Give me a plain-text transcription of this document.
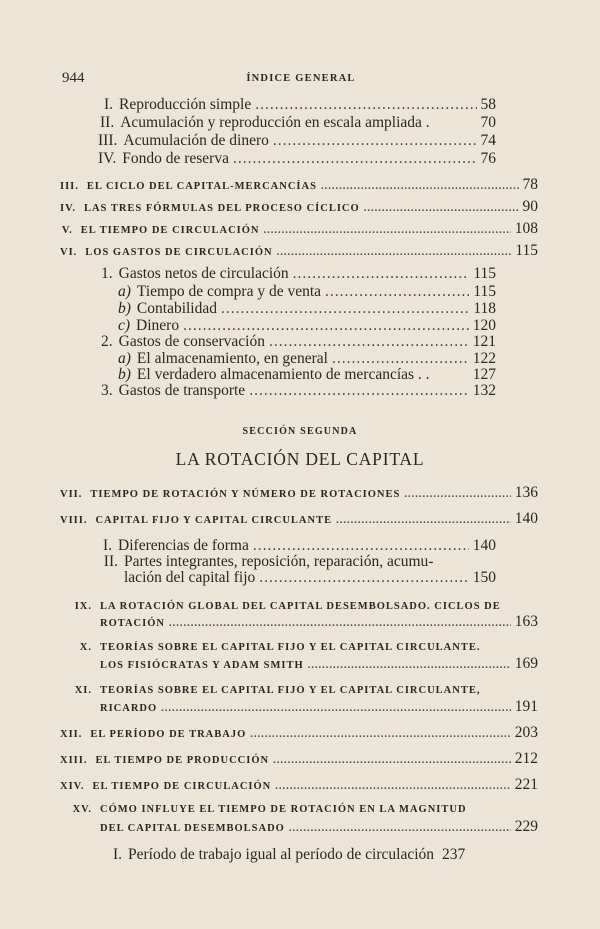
944	ÍNDICE GENERAL
I. Reproducción simple .....	58
II. Acumulación y reproducción en escala ampliada .	70
III. Acumulación de dinero .....	74
IV. Fondo de reserva .....	76
III. EL CICLO DEL CAPITAL-MERCANCÍAS .....	78
IV. LAS TRES FÓRMULAS DEL PROCESO CÍCLICO .....	90
V. EL TIEMPO DE CIRCULACIÓN .....	108
VI. LOS GASTOS DE CIRCULACIÓN .....	115
1. Gastos netos de circulación .....	115
a) Tiempo de compra y de venta .....	115
b) Contabilidad .....	118
c) Dinero .....	120
2. Gastos de conservación .....	121
a) El almacenamiento, en general .....	122
b) El verdadero almacenamiento de mercancías . .	127
3. Gastos de transporte .....	132
SECCIÓN SEGUNDA
LA ROTACIÓN DEL CAPITAL
VII. TIEMPO DE ROTACIÓN Y NÚMERO DE ROTACIONES .....	136
VIII. CAPITAL FIJO Y CAPITAL CIRCULANTE .....	140
I. Diferencias de forma .....	140
II. Partes integrantes, reposición, reparación, acumu-
lación del capital fijo .....	150
IX. LA ROTACIÓN GLOBAL DEL CAPITAL DESEMBOLSADO. CICLOS DE
ROTACIÓN .....	163
X. TEORÍAS SOBRE EL CAPITAL FIJO Y EL CAPITAL CIRCULANTE.
LOS FISIÓCRATAS Y ADAM SMITH .....	169
XI. TEORÍAS SOBRE EL CAPITAL FIJO Y EL CAPITAL CIRCULANTE,
RICARDO .....	191
XII. EL PERÍODO DE TRABAJO .....	203
XIII. EL TIEMPO DE PRODUCCIÓN .....	212
XIV. EL TIEMPO DE CIRCULACIÓN .....	221
XV. CÓMO INFLUYE EL TIEMPO DE ROTACIÓN EN LA MAGNITUD
DEL CAPITAL DESEMBOLSADO .....	229
I. Período de trabajo igual al período de circulación 237
